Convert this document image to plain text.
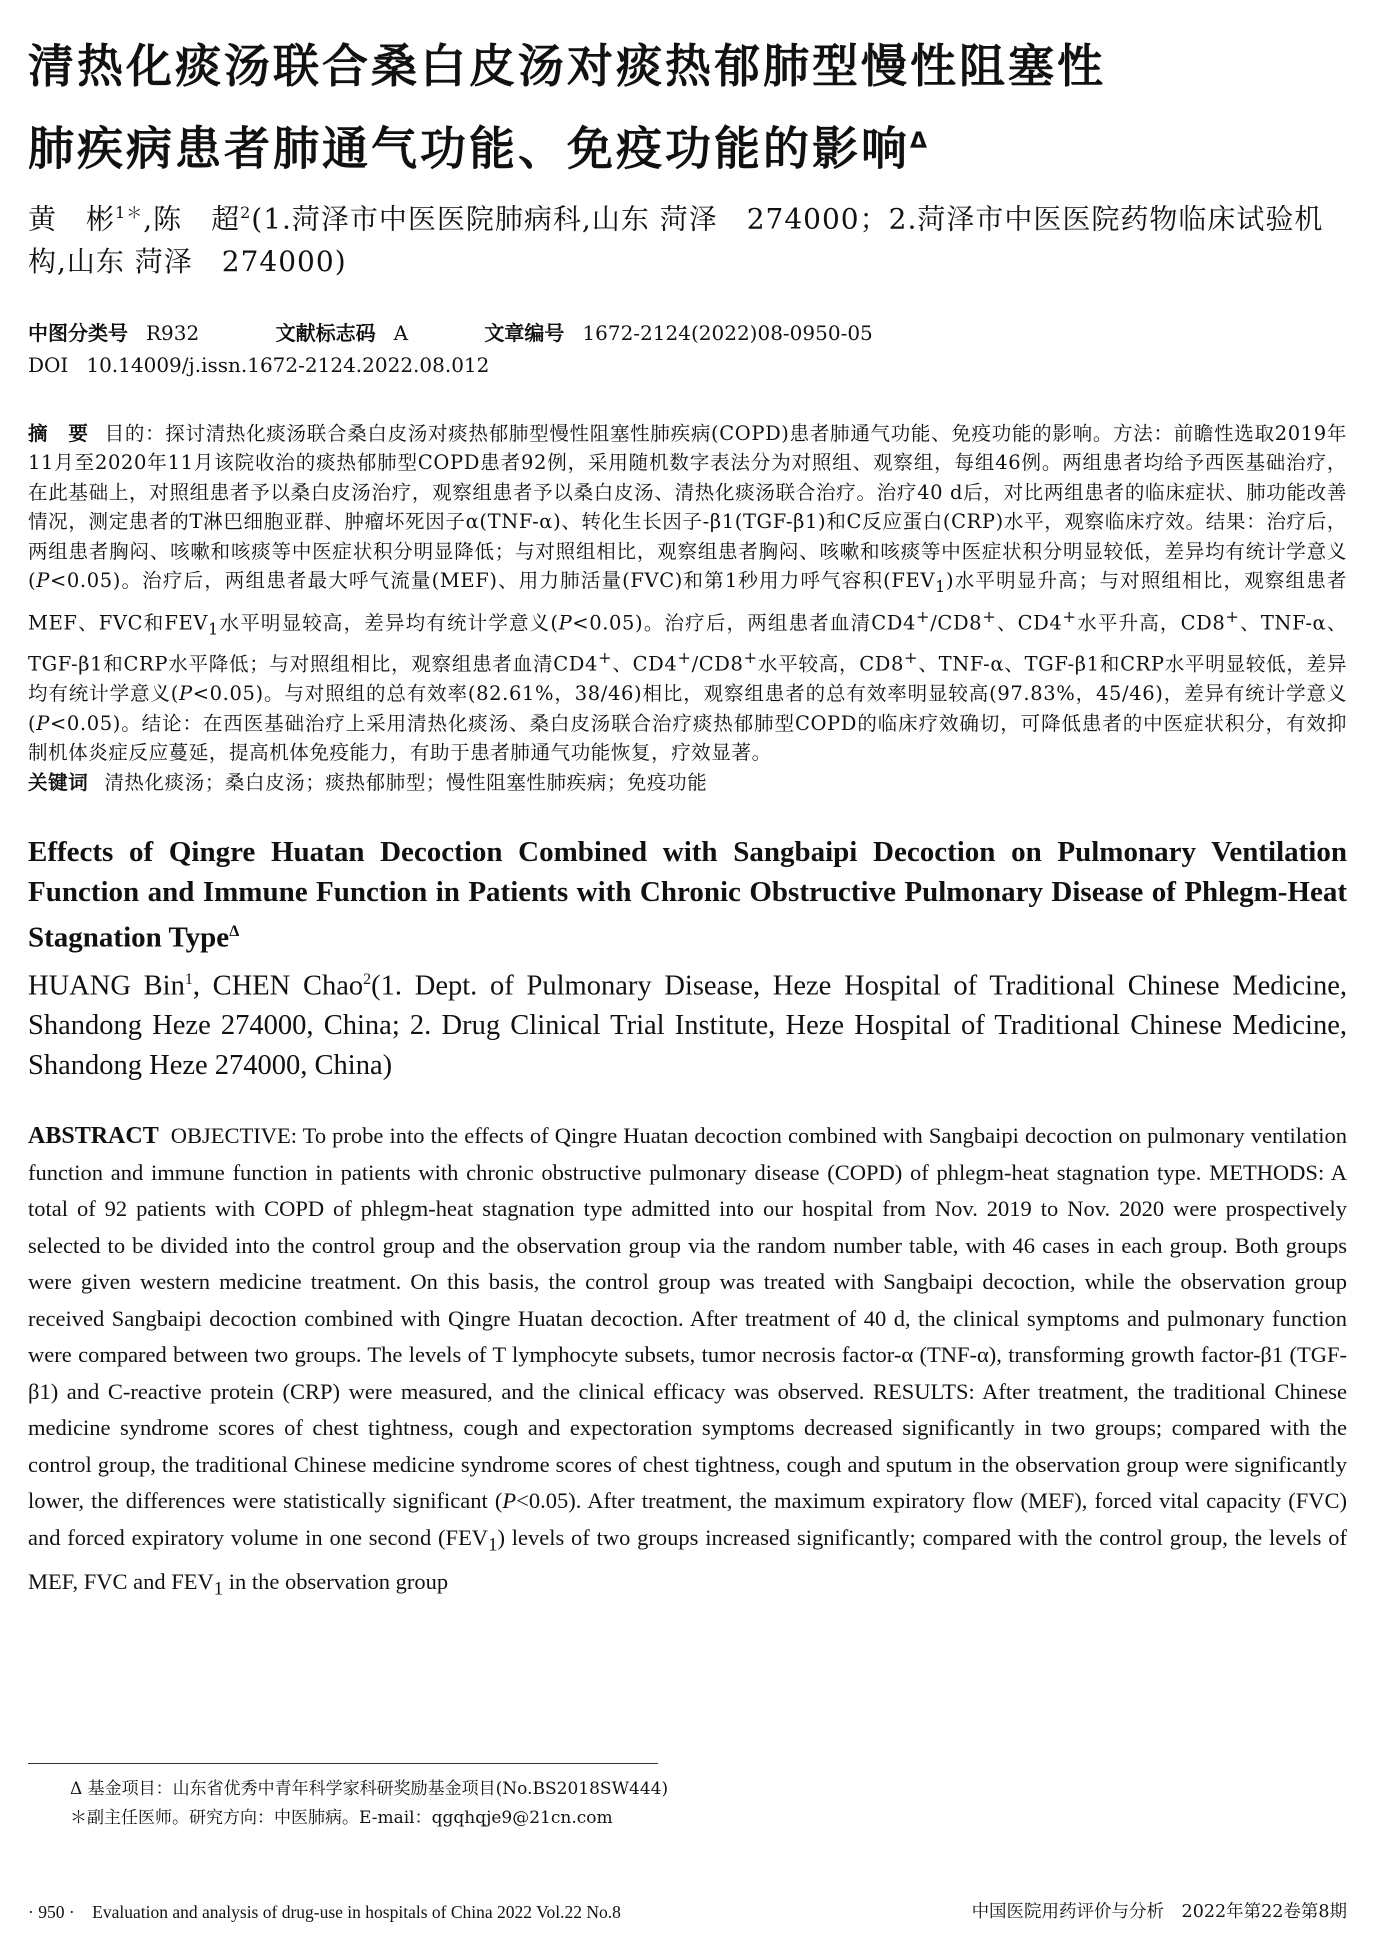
清热化痰汤联合桑白皮汤对痰热郁肺型慢性阻塞性
肺疾病患者肺通气功能、免疫功能的影响$^\Delta$
黄　彬$^{1*}$,陈　超$^2$(1.菏泽市中医医院肺病科,山东 菏泽　274000；2.菏泽市中医医院药物临床试验机构,山东 菏泽　274000)
中图分类号 R932	文献标志码 A	文章编号 1672-2124(2022)08-0950-05
DOI 10.14009/j.issn.1672-2124.2022.08.012
摘　要 目的：探讨清热化痰汤联合桑白皮汤对痰热郁肺型慢性阻塞性肺疾病(COPD)患者肺通气功能、免疫功能的影响。方法：前瞻性选取2019年11月至2020年11月该院收治的痰热郁肺型COPD患者92例，采用随机数字表法分为对照组、观察组，每组46例。两组患者均给予西医基础治疗，在此基础上，对照组患者予以桑白皮汤治疗，观察组患者予以桑白皮汤、清热化痰汤联合治疗。治疗40 d后，对比两组患者的临床症状、肺功能改善情况，测定患者的T淋巴细胞亚群、肿瘤坏死因子α(TNF-α)、转化生长因子-β1(TGF-β1)和C反应蛋白(CRP)水平，观察临床疗效。结果：治疗后，两组患者胸闷、咳嗽和咳痰等中医症状积分明显降低；与对照组相比，观察组患者胸闷、咳嗽和咳痰等中医症状积分明显较低，差异均有统计学意义(P<0.05)。治疗后，两组患者最大呼气流量(MEF)、用力肺活量(FVC)和第1秒用力呼气容积$(FEV_1)$水平明显升高；与对照组相比，观察组患者MEF、FVC和$FEV_1$水平明显较高，差异均有统计学意义(P<0.05)。治疗后，两组患者血清CD4+/CD8+、CD4+水平升高，CD8+、TNF-α、TGF-β1和CRP水平降低；与对照组相比，观察组患者血清CD4+、CD4+/CD8+水平较高，CD8+、TNF-α、TGF-β1和CRP水平明显较低，差异均有统计学意义(P<0.05)。与对照组的总有效率(82.61%，38/46)相比，观察组患者的总有效率明显较高(97.83%，45/46)，差异有统计学意义(P<0.05)。结论：在西医基础治疗上采用清热化痰汤、桑白皮汤联合治疗痰热郁肺型COPD的临床疗效确切，可降低患者的中医症状积分，有效抑制机体炎症反应蔓延，提高机体免疫能力，有助于患者肺通气功能恢复，疗效显著。
关键词 清热化痰汤；桑白皮汤；痰热郁肺型；慢性阻塞性肺疾病；免疫功能
Effects of Qingre Huatan Decoction Combined with Sangbaipi Decoction on Pulmonary Ventilation Function and Immune Function in Patients with Chronic Obstructive Pulmonary Disease of Phlegm-Heat Stagnation Type$^\Delta$
HUANG Bin$^1$, CHEN Chao$^2$(1. Dept. of Pulmonary Disease, Heze Hospital of Traditional Chinese Medicine, Shandong Heze 274000, China; 2. Drug Clinical Trial Institute, Heze Hospital of Traditional Chinese Medicine, Shandong Heze 274000, China)
ABSTRACT OBJECTIVE: To probe into the effects of Qingre Huatan decoction combined with Sangbaipi decoction on pulmonary ventilation function and immune function in patients with chronic obstructive pulmonary disease (COPD) of phlegm-heat stagnation type. METHODS: A total of 92 patients with COPD of phlegm-heat stagnation type admitted into our hospital from Nov. 2019 to Nov. 2020 were prospectively selected to be divided into the control group and the observation group via the random number table, with 46 cases in each group. Both groups were given western medicine treatment. On this basis, the control group was treated with Sangbaipi decoction, while the observation group received Sangbaipi decoction combined with Qingre Huatan decoction. After treatment of 40 d, the clinical symptoms and pulmonary function were compared between two groups. The levels of T lymphocyte subsets, tumor necrosis factor-α (TNF-α), transforming growth factor-β1 (TGF-β1) and C-reactive protein (CRP) were measured, and the clinical efficacy was observed. RESULTS: After treatment, the traditional Chinese medicine syndrome scores of chest tightness, cough and expectoration symptoms decreased significantly in two groups; compared with the control group, the traditional Chinese medicine syndrome scores of chest tightness, cough and sputum in the observation group were significantly lower, the differences were statistically significant (P<0.05). After treatment, the maximum expiratory flow (MEF), forced vital capacity (FVC) and forced expiratory volume in one second $(FEV_1)$ levels of two groups increased significantly; compared with the control group, the levels of MEF, FVC and $FEV_1$ in the observation group
Δ 基金项目：山东省优秀中青年科学家科研奖励基金项目(No.BS2018SW444)
＊副主任医师。研究方向：中医肺病。E-mail：qgqhqje9@21cn.com
· 950 ·　Evaluation and analysis of drug-use in hospitals of China 2022 Vol.22 No.8	中国医院用药评价与分析　2022年第22卷第8期
